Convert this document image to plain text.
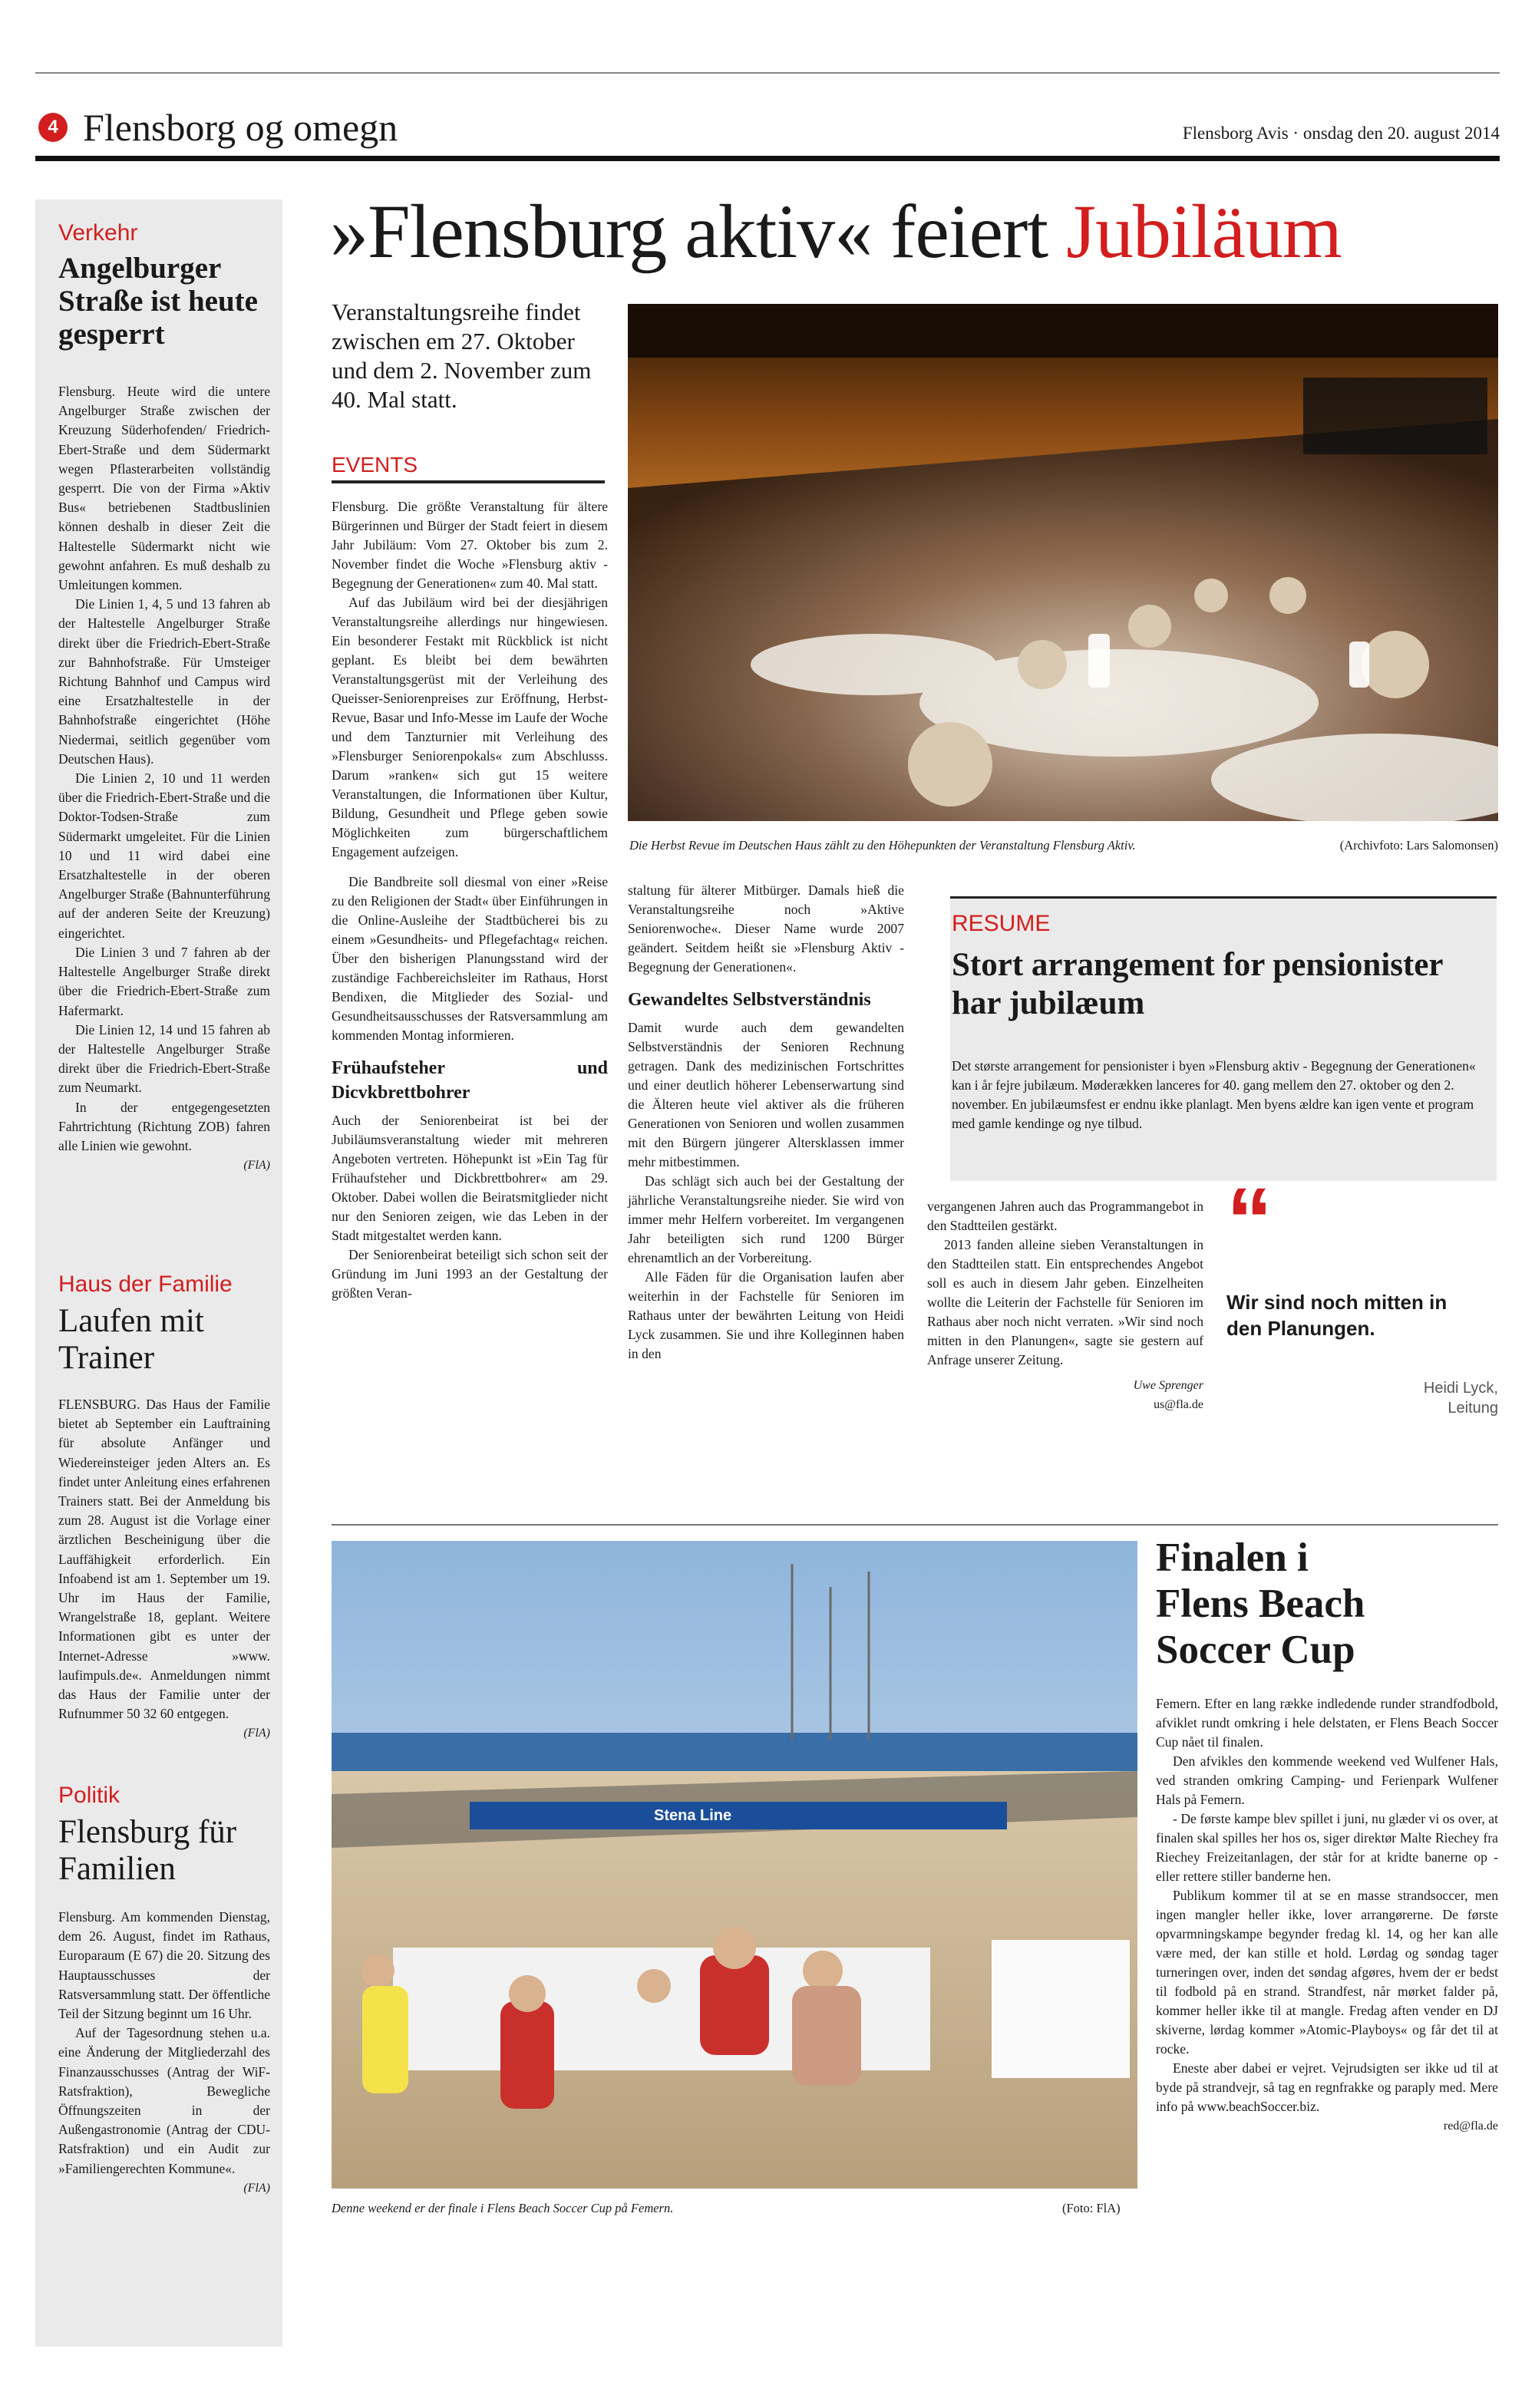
4 Flensborg og omegn	Flensborg Avis · onsdag den 20. august 2014
Verkehr
Angelburger Straße ist heute gesperrt

Flensburg. Heute wird die untere Angelburger Straße zwischen der Kreuzung Süderhofenden/ Friedrich-Ebert-Straße und dem Südermarkt wegen Pflasterarbeiten vollständig gesperrt. Die von der Firma »Aktiv Bus« betriebenen Stadtbuslinien können deshalb in dieser Zeit die Haltestelle Südermarkt nicht wie gewohnt anfahren. Es muß deshalb zu Umleitungen kommen.

Die Linien 1, 4, 5 und 13 fahren ab der Haltestelle Angelburger Straße direkt über die Friedrich-Ebert-Straße zur Bahnhofstraße. Für Umsteiger Richtung Bahnhof und Campus wird eine Ersatzhaltestelle in der Bahnhofstraße eingerichtet (Höhe Niedermai, seitlich gegenüber vom Deutschen Haus).

Die Linien 2, 10 und 11 werden über die Friedrich-Ebert-Straße und die Doktor-Todsen-Straße zum Südermarkt umgeleitet. Für die Linien 10 und 11 wird dabei eine Ersatzhaltestelle in der oberen Angelburger Straße (Bahnunterführung auf der anderen Seite der Kreuzung) eingerichtet.

Die Linien 3 und 7 fahren ab der Haltestelle Angelburger Straße direkt über die Friedrich-Ebert-Straße zum Hafermarkt.

Die Linien 12, 14 und 15 fahren ab der Haltestelle Angelburger Straße direkt über die Friedrich-Ebert-Straße zum Neumarkt.

In der entgegengesetzten Fahrtrichtung (Richtung ZOB) fahren alle Linien wie gewohnt.

(FlA)
Haus der Familie
Laufen mit Trainer

FLENSBURG. Das Haus der Familie bietet ab September ein Lauftraining für absolute Anfänger und Wiedereinsteiger jeden Alters an. Es findet unter Anleitung eines erfahrenen Trainers statt. Bei der Anmeldung bis zum 28. August ist die Vorlage einer ärztlichen Bescheinigung über die Lauffähigkeit erforderlich. Ein Infoabend ist am 1. September um 19. Uhr im Haus der Familie, Wrangelstraße 18, geplant. Weitere Informationen gibt es unter der Internet-Adresse »www. laufimpuls.de«. Anmeldungen nimmt das Haus der Familie unter der Rufnummer 50 32 60 entgegen.

(FlA)
Politik
Flensburg für Familien

Flensburg. Am kommenden Dienstag, dem 26. August, findet im Rathaus, Europaraum (E 67) die 20. Sitzung des Hauptausschusses der Ratsversammlung statt. Der öffentliche Teil der Sitzung beginnt um 16 Uhr.

Auf der Tagesordnung stehen u.a. eine Änderung der Mitgliederzahl des Finanzausschusses (Antrag der WiF-Ratsfraktion), Bewegliche Öffnungszeiten in der Außengastronomie (Antrag der CDU-Ratsfraktion) und ein Audit zur »Familiengerechten Kommune«.

(FlA)
»Flensburg aktiv« feiert Jubiläum
Veranstaltungsreihe findet zwischen em 27. Oktober und dem 2. November zum 40. Mal statt.
EVENTS
Die Herbst Revue im Deutschen Haus zählt zu den Höhepunkten der Veranstaltung Flensburg Aktiv.	(Archivfoto: Lars Salomonsen)

Flensburg. Die größte Veranstaltung für ältere Bürgerinnen und Bürger der Stadt feiert in diesem Jahr Jubiläum: Vom 27. Oktober bis zum 2. November findet die Woche »Flensburg aktiv -Begegnung der Generationen« zum 40. Mal statt.

Auf das Jubiläum wird bei der diesjährigen Veranstaltungsreihe allerdings nur hingewiesen. Ein besonderer Festakt mit Rückblick ist nicht geplant. Es bleibt bei dem bewährten Veranstaltungsgerüst mit der Verleihung des Queisser-Seniorenpreises zur Eröffnung, Herbst-Revue, Basar und Info-Messe im Laufe der Woche und dem Tanzturnier mit Verleihung des »Flensburger Seniorenpokals« zum Abschlusss. Darum »ranken« sich gut 15 weitere Veranstaltungen, die Informationen über Kultur, Bildung, Gesundheit und Pflege geben sowie Möglichkeiten zum bürgerschaftlichem Engagement aufzeigen.

Die Bandbreite soll diesmal von einer »Reise zu den Religionen der Stadt« über Einführungen in die Online-Ausleihe der Stadtbücherei bis zu einem »Gesundheits- und Pflegefachtag« reichen. Über den bisherigen Planungsstand wird der zuständige Fachbereichsleiter im Rathaus, Horst Bendixen, die Mitglieder des Sozial- und Gesundheitsausschusses der Ratsversammlung am kommenden Montag informieren.

Frühaufsteher und Dicvkbrettbohrer

Auch der Seniorenbeirat ist bei der Jubiläumsveranstaltung wieder mit mehreren Angeboten vertreten. Höhepunkt ist »Ein Tag für Frühaufsteher und Dickbrettbohrer« am 29. Oktober. Dabei wollen die Beiratsmitglieder nicht nur den Senioren zeigen, wie das Leben in der Stadt mitgestaltet werden kann.

Der Seniorenbeirat beteiligt sich schon seit der Gründung im Juni 1993 an der Gestaltung der größten Veran-

staltung für älterer Mitbürger. Damals hieß die Veranstaltungsreihe noch »Aktive Seniorenwoche«. Dieser Name wurde 2007 geändert. Seitdem heißt sie »Flensburg Aktiv - Begegnung der Generationen«.

Gewandeltes Selbstverständnis

Damit wurde auch dem gewandelten Selbstverständnis der Senioren Rechnung getragen. Dank des medizinischen Fortschrittes und einer deutlich höherer Lebenserwartung sind die Älteren heute viel aktiver als die früheren Generationen von Senioren und wollen zusammen mit den Bürgern jüngerer Altersklassen immer mehr mitbestimmen.

Das schlägt sich auch bei der Gestaltung der jährliche Veranstaltungsreihe nieder. Sie wird von immer mehr Helfern vorbereitet. Im vergangenen Jahr beteiligten sich rund 1200 Bürger ehrenamtlich an der Vorbereitung.

Alle Fäden für die Organisation laufen aber weiterhin in der Fachstelle für Senioren im Rathaus unter der bewährten Leitung von Heidi Lyck zusammen. Sie und ihre Kolleginnen haben in den

vergangenen Jahren auch das Programmangebot in den Stadtteilen gestärkt.

2013 fanden alleine sieben Veranstaltungen in den Stadtteilen statt. Ein entsprechendes Angebot soll es auch in diesem Jahr geben. Einzelheiten wollte die Leiterin der Fachstelle für Senioren im Rathaus aber noch nicht verraten. »Wir sind noch mitten in den Planungen«, sagte sie gestern auf Anfrage unserer Zeitung.

Uwe Sprenger
us@fla.de
RESUME
Stort arrangement for pensionister har jubilæum
Det største arrangement for pensionister i byen »Flensburg aktiv - Begegnung der Generationen« kan i år fejre jubilæum. Møderækken lanceres for 40. gang mellem den 27. oktober og den 2. november. En jubilæumsfest er endnu ikke planlagt. Men byens ældre kan igen vente et program med gamle kendinge og nye tilbud.
“
Wir sind noch mitten in den Planungen.
Heidi Lyck,
Leitung
Stena Line
Denne weekend er der finale i Flens Beach Soccer Cup på Femern.	(Foto: FlA)
Finalen i Flens Beach Soccer Cup

Femern. Efter en lang række indledende runder strandfodbold, afviklet rundt omkring i hele delstaten, er Flens Beach Soccer Cup nået til finalen.

Den afvikles den kommende weekend ved Wulfener Hals, ved stranden omkring Camping- und Ferienpark Wulfener Hals på Femern.

- De første kampe blev spillet i juni, nu glæder vi os over, at finalen skal spilles her hos os, siger direktør Malte Riechey fra Riechey Freizeitanlagen, der står for at kridte banerne op - eller rettere stiller banderne hen.

Publikum kommer til at se en masse strandsoccer, men ingen mangler heller ikke, lover arrangørerne. De første opvarmningskampe begynder fredag kl. 14, og her kan alle være med, der kan stille et hold. Lørdag og søndag tager turneringen over, inden det søndag afgøres, hvem der er bedst til fodbold på en strand. Strandfest, når mørket falder på, kommer heller ikke til at mangle. Fredag aften vender en DJ skiverne, lørdag kommer »Atomic-Playboys« og får det til at rocke.

Eneste aber dabei er vejret. Vejrudsigten ser ikke ud til at byde på strandvejr, så tag en regnfrakke og paraply med. Mere info på www.beachSoccer.biz.

red@fla.de
